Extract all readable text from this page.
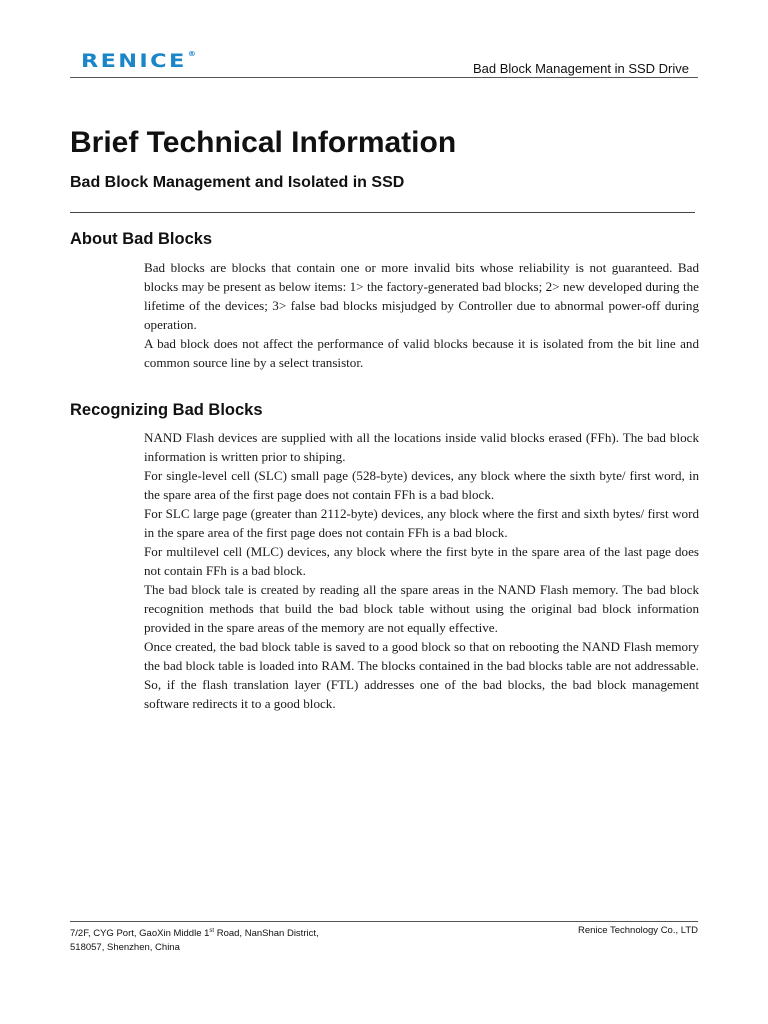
RENICE®
Bad Block Management in SSD Drive
Brief Technical Information
Bad Block Management and Isolated in SSD
About Bad Blocks

Bad blocks are blocks that contain one or more invalid bits whose reliability is not guaranteed. Bad blocks may be present as below items: 1> the factory-generated bad blocks; 2> new developed during the lifetime of the devices; 3> false bad blocks misjudged by Controller due to abnormal power-off during operation.

A bad block does not affect the performance of valid blocks because it is isolated from the bit line and common source line by a select transistor.

Recognizing Bad Blocks

NAND Flash devices are supplied with all the locations inside valid blocks erased (FFh). The bad block information is written prior to shiping.

For single-level cell (SLC) small page (528-byte) devices, any block where the sixth byte/ first word, in the spare area of the first page does not contain FFh is a bad block.

For SLC large page (greater than 2112-byte) devices, any block where the first and sixth bytes/ first word in the spare area of the first page does not contain FFh is a bad block.

For multilevel cell (MLC) devices, any block where the first byte in the spare area of the last page does not contain FFh is a bad block.

The bad block tale is created by reading all the spare areas in the NAND Flash memory. The bad block recognition methods that build the bad block table without using the original bad block information provided in the spare areas of the memory are not equally effective.

Once created, the bad block table is saved to a good block so that on rebooting the NAND Flash memory the bad block table is loaded into RAM. The blocks contained in the bad blocks table are not addressable. So, if the flash translation layer (FTL) addresses one of the bad blocks, the bad block management software redirects it to a good block.

7/2F, CYG Port, GaoXin Middle 1st Road, NanShan District,
518057, Shenzhen, China
Renice Technology Co., LTD
